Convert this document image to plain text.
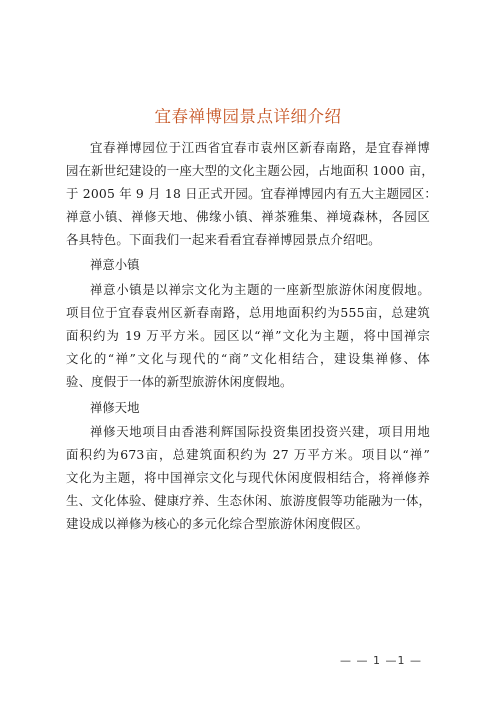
宜春禅博园景点详细介绍
宜春禅博园位于江西省宜春市袁州区新春南路，是宜春禅博
园在新世纪建设的一座大型的文化主题公园，占地面积 1000 亩，
于 2005 年 9 月 18 日正式开园。宜春禅博园内有五大主题园区：
禅意小镇、禅修天地、佛缘小镇、禅茶雅集、禅境森林，各园区
各具特色。下面我们一起来看看宜春禅博园景点介绍吧。
禅意小镇
禅意小镇是以禅宗文化为主题的一座新型旅游休闲度假地。
项目位于宜春袁州区新春南路，总用地面积约为555亩，总建筑
面积约为 19 万平方米。园区以“禅”文化为主题，将中国禅宗
文化的“禅”文化与现代的“商”文化相结合，建设集禅修、体
验、度假于一体的新型旅游休闲度假地。
禅修天地
禅修天地项目由香港利辉国际投资集团投资兴建，项目用地
面积约为673亩，总建筑面积约为 27 万平方米。项目以“禅”
文化为主题，将中国禅宗文化与现代休闲度假相结合，将禅修养
生、文化体验、健康疗养、生态休闲、旅游度假等功能融为一体，
建设成以禅修为核心的多元化综合型旅游休闲度假区。
— — 1 —1 —
